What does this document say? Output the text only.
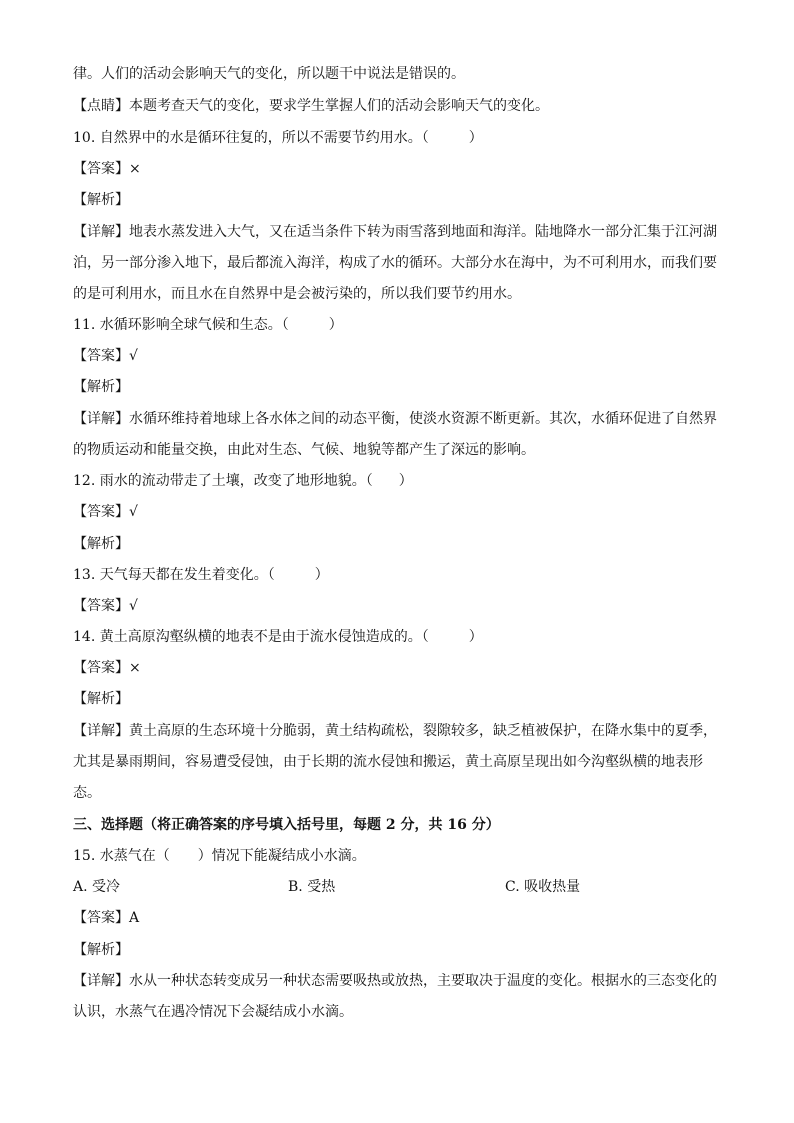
律。人们的活动会影响天气的变化，所以题干中说法是错误的。
【点睛】本题考查天气的变化，要求学生掌握人们的活动会影响天气的变化。
10. 自然界中的水是循环往复的，所以不需要节约用水。（	）
【答案】×
【解析】
【详解】地表水蒸发进入大气，又在适当条件下转为雨雪落到地面和海洋。陆地降水一部分汇集于江河湖
泊，另一部分渗入地下，最后都流入海洋，构成了水的循环。大部分水在海中，为不可利用水，而我们要
的是可利用水，而且水在自然界中是会被污染的，所以我们要节约用水。
11. 水循环影响全球气候和生态。（	）
【答案】√
【解析】
【详解】水循环维持着地球上各水体之间的动态平衡，使淡水资源不断更新。其次，水循环促进了自然界
的物质运动和能量交换，由此对生态、气候、地貌等都产生了深远的影响。
12. 雨水的流动带走了土壤，改变了地形地貌。（ ）
【答案】√
【解析】
13. 天气每天都在发生着变化。（	）
【答案】√
14. 黄土高原沟壑纵横的地表不是由于流水侵蚀造成的。（	）
【答案】×
【解析】
【详解】黄土高原的生态环境十分脆弱，黄土结构疏松，裂隙较多，缺乏植被保护，在降水集中的夏季，
尤其是暴雨期间，容易遭受侵蚀，由于长期的流水侵蚀和搬运，黄土高原呈现出如今沟壑纵横的地表形
态。
三、选择题（将正确答案的序号填入括号里，每题 2 分，共 16 分）
15. 水蒸气在（　　）情况下能凝结成小水滴。
A. 受冷	B. 受热	C. 吸收热量
【答案】A
【解析】
【详解】水从一种状态转变成另一种状态需要吸热或放热，主要取决于温度的变化。根据水的三态变化的
认识，水蒸气在遇冷情况下会凝结成小水滴。
